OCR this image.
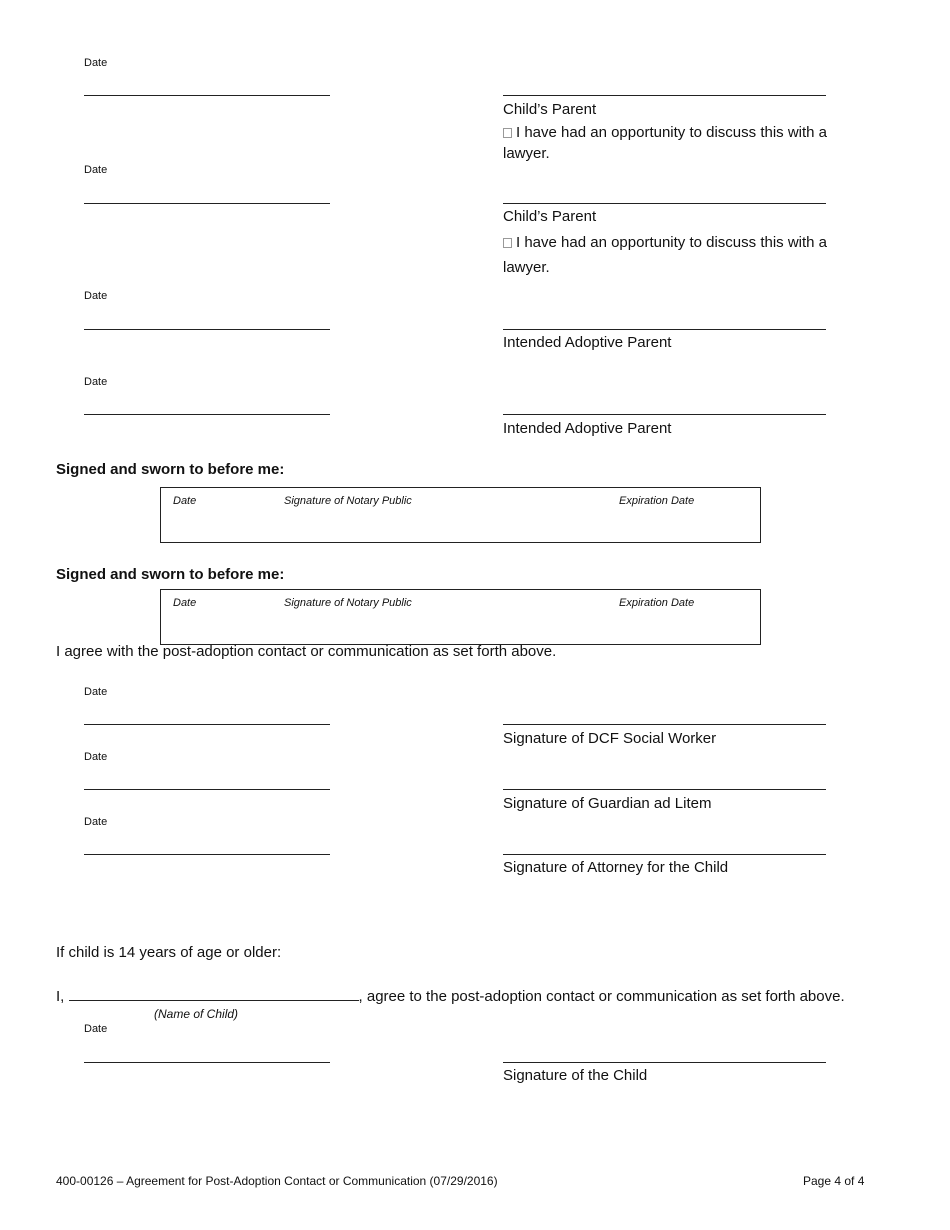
Date
Child’s Parent
I have had an opportunity to discuss this with a lawyer.
Date
Child’s Parent
I have had an opportunity to discuss this with a lawyer.
Date
Intended Adoptive Parent
Date
Intended Adoptive Parent
Signed and sworn to before me:
Date	Signature of Notary Public	Expiration Date
Signed and sworn to before me:
Date	Signature of Notary Public	Expiration Date
I agree with the post-adoption contact or communication as set forth above.
Date
Signature of DCF Social Worker
Date
Signature of Guardian ad Litem
Date
Signature of Attorney for the Child
If child is 14 years of age or older:
I,	, agree to the post-adoption contact or communication as set forth above.
(Name of Child)
Date
Signature of the Child
400-00126 – Agreement for Post-Adoption Contact or Communication (07/29/2016)	Page 4 of 4
